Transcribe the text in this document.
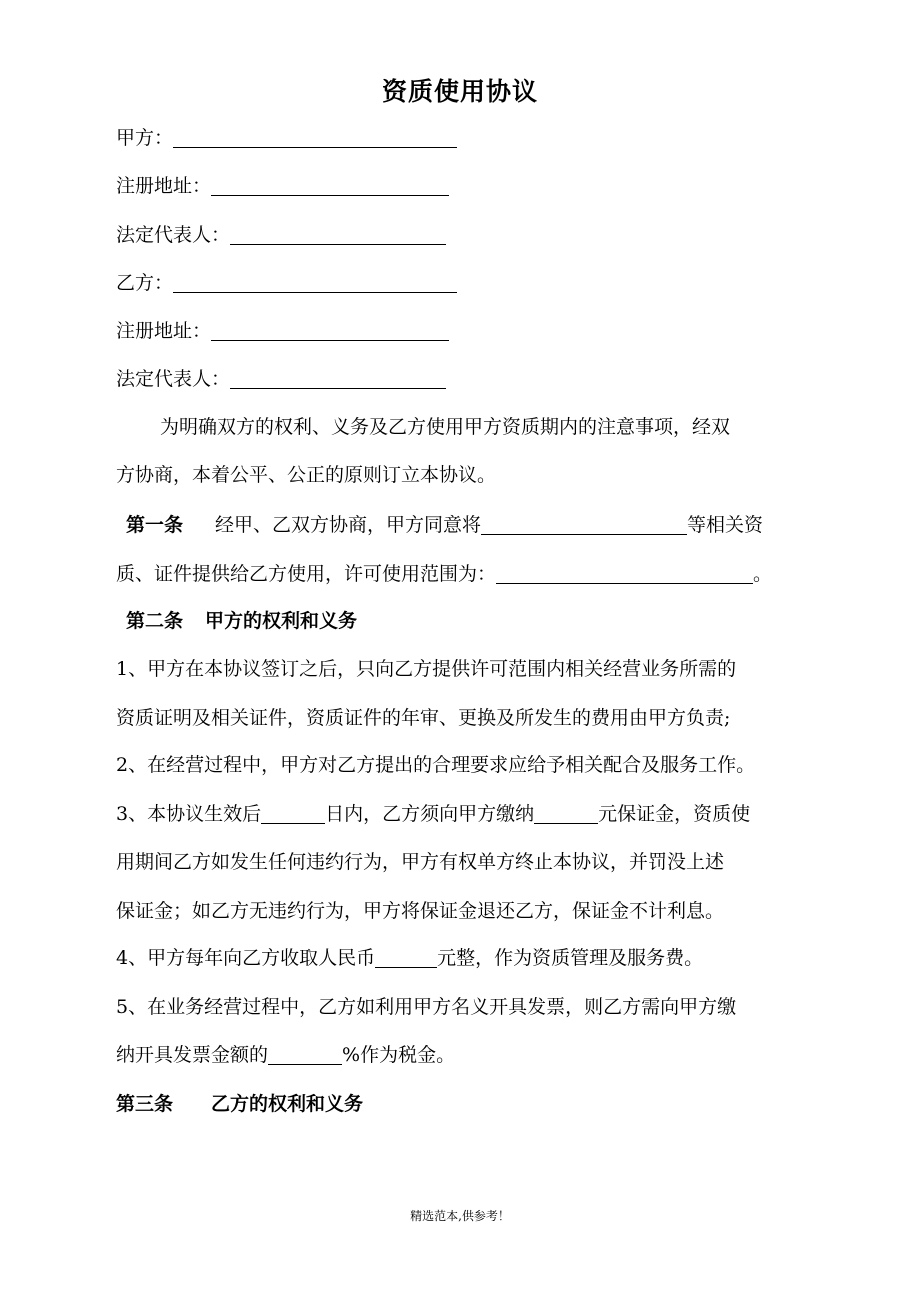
资质使用协议
甲方：
注册地址：
法定代表人：
乙方：
注册地址：
法定代表人：
为明确双方的权利、义务及乙方使用甲方资质期内的注意事项，经双
方协商，本着公平、公正的原则订立本协议。
第一条 经甲、乙双方协商，甲方同意将	等相关资
质、证件提供给乙方使用，许可使用范围为：	。
第二条 甲方的权利和义务
1、甲方在本协议签订之后，只向乙方提供许可范围内相关经营业务所需的
资质证明及相关证件，资质证件的年审、更换及所发生的费用由甲方负责;
2、在经营过程中，甲方对乙方提出的合理要求应给予相关配合及服务工作。
3、本协议生效后	日内，乙方须向甲方缴纳	元保证金，资质使
用期间乙方如发生任何违约行为，甲方有权单方终止本协议，并罚没上述
保证金；如乙方无违约行为，甲方将保证金退还乙方，保证金不计利息。
4、甲方每年向乙方收取人民币	元整，作为资质管理及服务费。
5、在业务经营过程中，乙方如利用甲方名义开具发票，则乙方需向甲方缴
纳开具发票金额的	%作为税金。
第三条 乙方的权利和义务
精选范本,供参考！
